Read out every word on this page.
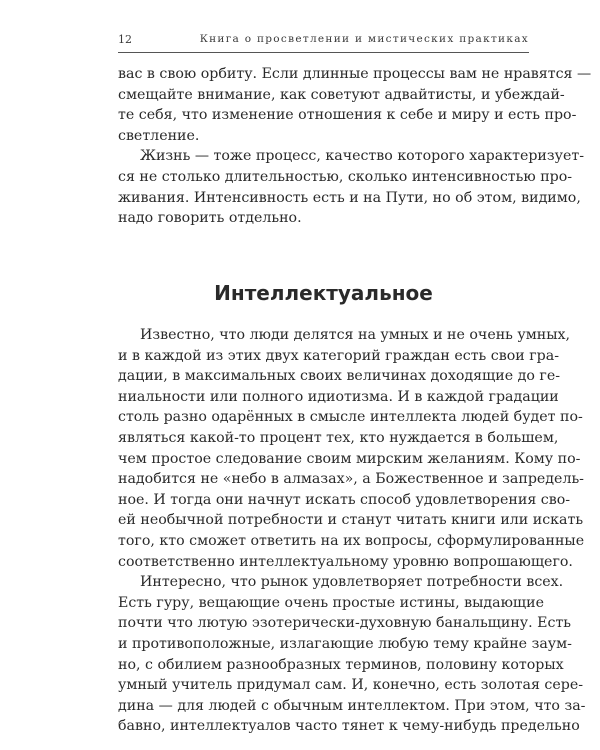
12	Книга о просветлении и мистических практиках
вас в свою орбиту. Если длинные процессы вам не нравятся —
смещайте внимание, как советуют адвайтисты, и убеждай-
те себя, что изменение отношения к себе и миру и есть про-
светление.
Жизнь — тоже процесс, качество которого характеризует-
ся не столько длительностью, сколько интенсивностью про-
живания. Интенсивность есть и на Пути, но об этом, видимо,
надо говорить отдельно.
Интеллектуальное
Известно, что люди делятся на умных и не очень умных,
и в каждой из этих двух категорий граждан есть свои гра-
дации, в максимальных своих величинах доходящие до ге-
ниальности или полного идиотизма. И в каждой градации
столь разно одарённых в смысле интеллекта людей будет по-
являться какой-то процент тех, кто нуждается в большем,
чем простое следование своим мирским желаниям. Кому по-
надобится не «небо в алмазах», а Божественное и запредель-
ное. И тогда они начнут искать способ удовлетворения сво-
ей необычной потребности и станут читать книги или искать
того, кто сможет ответить на их вопросы, сформулированные
соответственно интеллектуальному уровню вопрошающего.
Интересно, что рынок удовлетворяет потребности всех.
Есть гуру, вещающие очень простые истины, выдающие
почти что лютую эзотерически-духовную банальщину. Есть
и противоположные, излагающие любую тему крайне заум-
но, с обилием разнообразных терминов, половину которых
умный учитель придумал сам. И, конечно, есть золотая сере-
дина — для людей с обычным интеллектом. При этом, что за-
бавно, интеллектуалов часто тянет к чему-нибудь предельно
